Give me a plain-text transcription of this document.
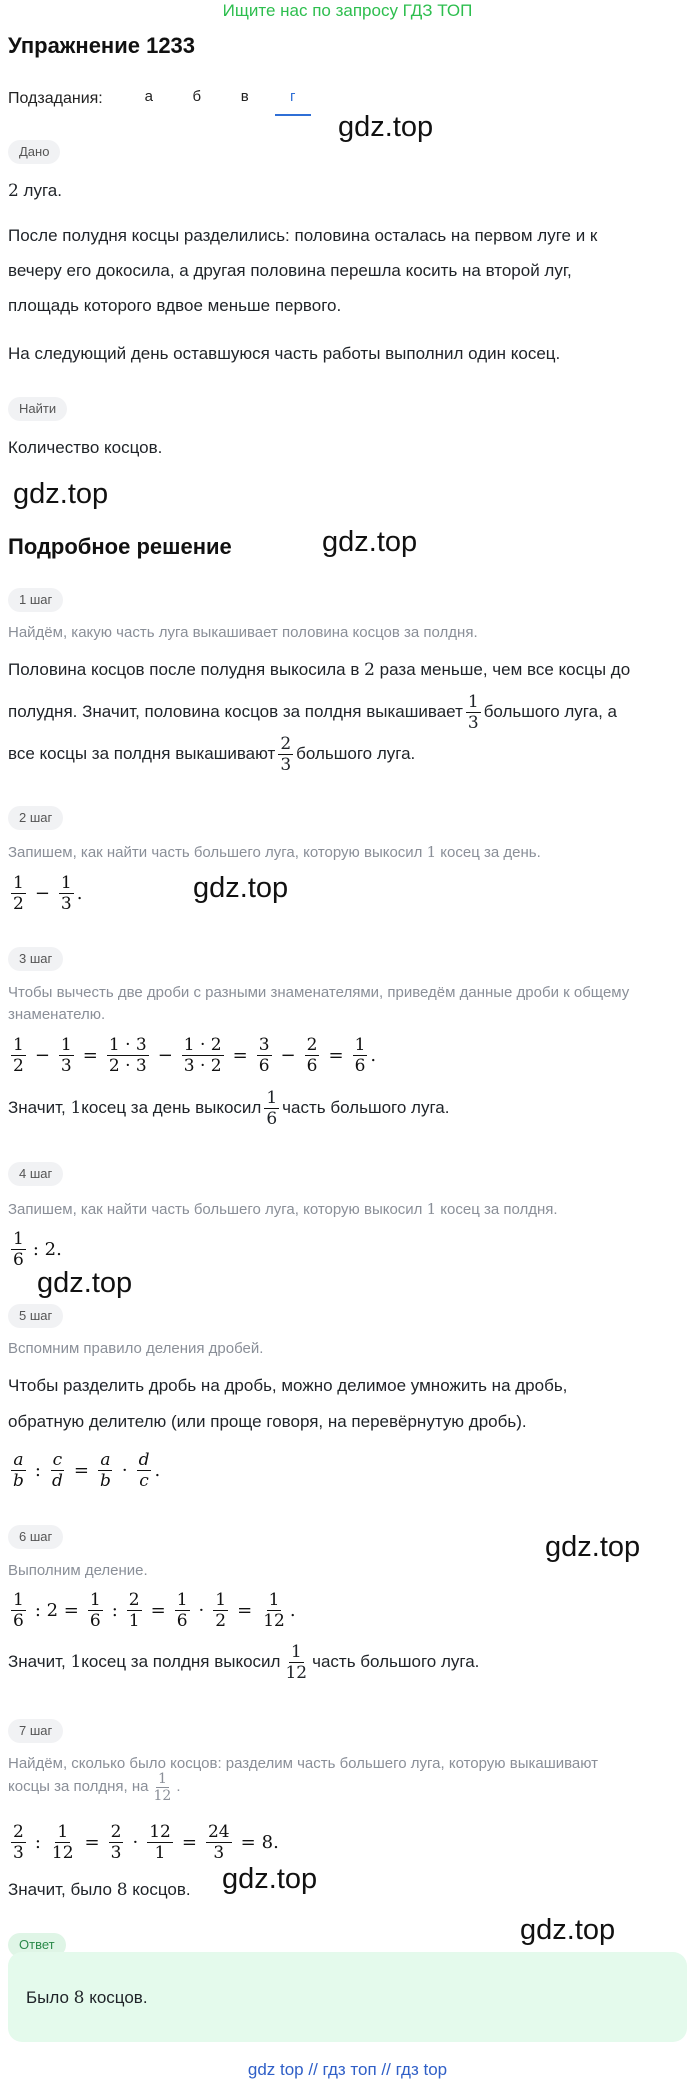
Ищите нас по запросу ГДЗ ТОП
Упражнение 1233
Подзадания:	а	б	в	г
Дано
2 луга.
После полудня косцы разделились: половина осталась на первом луге и к
вечеру его докосила, а другая половина перешла косить на второй луг,
площадь которого вдвое меньше первого.
На следующий день оставшуюся часть работы выполнил один косец.
Найти
Количество косцов.
Подробное решение
1 шаг
Найдём, какую часть луга выкашивает половина косцов за полдня.
Половина косцов после полудня выкосила в 2 раза меньше, чем все косцы до
полудня. Значит, половина косцов за полдня выкашивает $\frac{1}{3}$ большого луга, а
все косцы за полдня выкашивают $\frac{2}{3}$ большого луга.
2 шаг
Запишем, как найти часть большего луга, которую выкосил 1 косец за день.
$\frac{1}{2} - \frac{1}{3}$ .
3 шаг
Чтобы вычесть две дроби с разными знаменателями, приведём данные дроби к общему
знаменателю.
$\frac{1}{2} - \frac{1}{3} = \frac{1 \cdot 3}{2 \cdot 3} - \frac{1 \cdot 2}{3 \cdot 2} = \frac{3}{6} - \frac{2}{6} = \frac{1}{6}$ .
Значит,
1 косец за день выкосил $\frac{1}{6}$ часть большого луга.
4 шаг
Запишем, как найти часть большего луга, которую выкосил 1 косец за полдня.
$\frac{1}{6}$ : 2.
5 шаг
Вспомним правило деления дробей.
Чтобы разделить дробь на дробь, можно делимое умножить на дробь,
обратную делителю (или проще говоря, на перевёрнутую дробь).
$\frac{a}{b}$ : $\frac{c}{d} = \frac{a}{b} \cdot \frac{d}{c}$ .
6 шаг
Выполним деление.
$\frac{1}{6}$ : $2 = \frac{1}{6}$ : $\frac{2}{1} = \frac{1}{6} \cdot \frac{1}{2} = \frac{1}{12}$ .
Значит,
1 косец за полдня выкосил $\frac{1}{12}$ часть большого луга.
7 шаг
Найдём, сколько было косцов: разделим часть большего луга, которую выкашивают
косцы за полдня, на $\frac{1}{12}$ .
$\frac{2}{3}$ : $\frac{1}{12} = \frac{2}{3} \cdot \frac{12}{1} = \frac{24}{3} = 8$.
Значит, было 8 косцов.
Ответ
Было 8 косцов.
gdz.top
gdz.top
gdz.top
gdz.top
gdz.top
gdz.top
gdz.top
gdz.top
gdz top // гдз топ // гдз top
